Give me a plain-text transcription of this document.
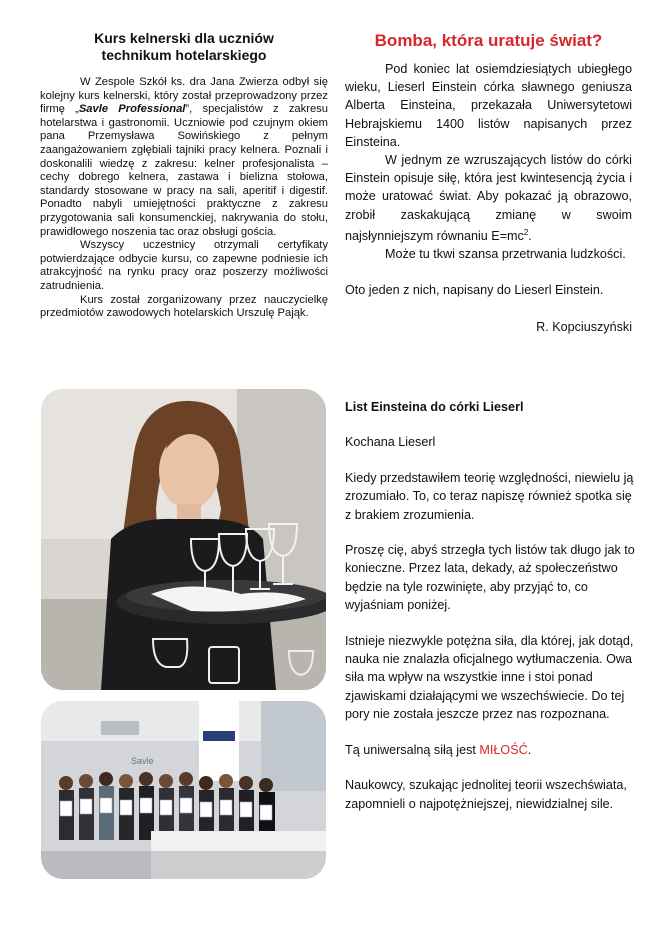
Kurs kelnerski dla uczniów
technikum hotelarskiego

W Zespole Szkół ks. dra Jana Zwierza odbył się kolejny kurs kelnerski, który został przeprowadzony przez firmę „Savle Professional”, specjalistów z zakresu hotelarstwa i gastronomii. Uczniowie pod czujnym okiem pana Przemysława Sowińskiego z pełnym zaangażowaniem zgłębiali tajniki pracy kelnera. Poznali i doskonalili wiedzę z zakresu: kelner profesjonalista – cechy dobrego kelnera, zastawa i bielizna stołowa, standardy stosowane w pracy na sali, aperitif i digestif. Ponadto nabyli umiejętności praktyczne z zakresu przygotowania sali konsumenckiej, nakrywania do stołu, prawidłowego noszenia tac oraz obsługi gościa.

Wszyscy uczestnicy otrzymali certyfikaty potwierdzające odbycie kursu, co zapewne podniesie ich atrakcyjność na rynku pracy oraz poszerzy możliwości zatrudnienia.

Kurs został zorganizowany przez nauczycielkę przedmiotów zawodowych hotelarskich Urszulę Pająk.

Bomba, która uratuje świat?

Pod koniec lat osiemdziesiątych ubiegłego wieku, Lieserl Einstein córka sławnego geniusza Alberta Einsteina, przekazała Uniwersytetowi Hebrajskiemu 1400 listów napisanych przez Einsteina.

W jednym ze wzruszających listów do córki Einstein opisuje siłę, która jest kwintesencją życia i może uratować świat. Aby pokazać ją obrazowo, zrobił zaskakującą zmianę w swoim najsłynniejszym równaniu $E=mc^2$.

Może tu tkwi szansa przetrwania ludzkości.

Oto jeden z nich, napisany do Lieserl Einstein.

R. Kopciuszyński

List Einsteina do córki Lieserl

Kochana Lieserl

Kiedy przedstawiłem teorię względności, niewielu ją zrozumiało. To, co teraz napiszę również spotka się z brakiem zrozumienia.

Proszę cię, abyś strzegła tych listów tak długo jak to konieczne. Przez lata, dekady, aż społeczeństwo będzie na tyle rozwinięte, aby przyjąć to, co wyjaśniam poniżej.

Istnieje niezwykle potężna siła, dla której, jak dotąd, nauka nie znalazła oficjalnego wytłumaczenia. Owa siła ma wpływ na wszystkie inne i stoi ponad zjawiskami działającymi we wszechświecie. Do tej pory nie została jeszcze przez nas rozpoznana.

Tą uniwersalną siłą jest MIŁOŚĆ.

Naukowcy, szukając jednolitej teorii wszechświata, zapomnieli o najpotężniejszej, niewidzialnej sile.

Savle
